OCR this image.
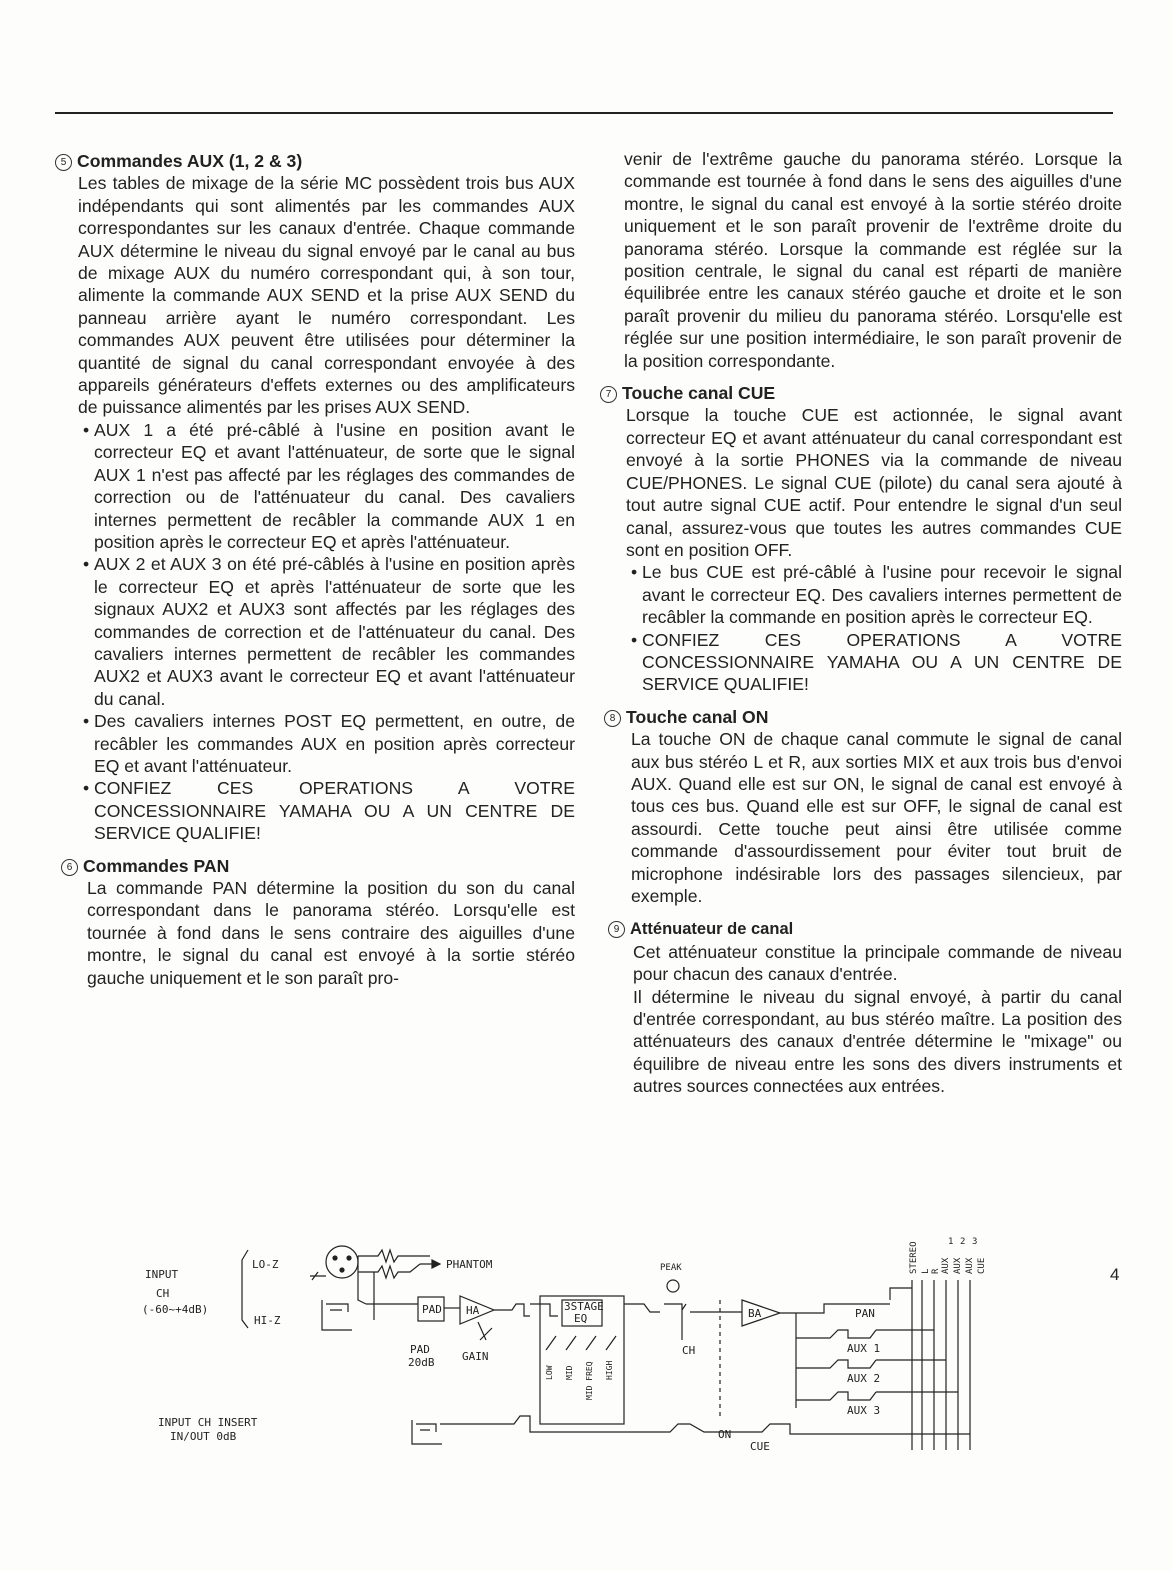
5 Commandes AUX (1, 2 & 3)

Les tables de mixage de la série MC possèdent trois bus AUX indépendants qui sont alimentés par les commandes AUX correspondantes sur les canaux d'entrée. Chaque commande AUX détermine le niveau du signal envoyé par le canal au bus de mixage AUX du numéro correspondant qui, à son tour, alimente la commande AUX SEND et la prise AUX SEND du panneau arrière ayant le numéro correspondant. Les commandes AUX peuvent être utilisées pour déterminer la quantité de signal du canal correspondant envoyée à des appareils générateurs d'effets externes ou des amplificateurs de puissance alimentés par les prises AUX SEND.

• AUX 1 a été pré-câblé à l'usine en position avant le correcteur EQ et avant l'atténuateur, de sorte que le signal AUX 1 n'est pas affecté par les réglages des commandes de correction ou de l'atténuateur du canal. Des cavaliers internes permettent de recâbler la commande AUX 1 en position après le correcteur EQ et après l'atténuateur.

• AUX 2 et AUX 3 on été pré-câblés à l'usine en position après le correcteur EQ et après l'atténuateur de sorte que les signaux AUX2 et AUX3 sont affectés par les réglages des commandes de correction et de l'atténuateur du canal. Des cavaliers internes permettent de recâbler les commandes AUX2 et AUX3 avant le correcteur EQ et avant l'atténuateur du canal.

• Des cavaliers internes POST EQ permettent, en outre, de recâbler les commandes AUX en position après correcteur EQ et avant l'atténuateur.

• CONFIEZ CES OPERATIONS A VOTRE CONCESSIONNAIRE YAMAHA OU A UN CENTRE DE SERVICE QUALIFIE!

6 Commandes PAN

La commande PAN détermine la position du son du canal correspondant dans le panorama stéréo. Lorsqu'elle est tournée à fond dans le sens contraire des aiguilles d'une montre, le signal du canal est envoyé à la sortie stéréo gauche uniquement et le son paraît pro-

venir de l'extrême gauche du panorama stéréo. Lorsque la commande est tournée à fond dans le sens des aiguilles d'une montre, le signal du canal est envoyé à la sortie stéréo droite uniquement et le son paraît provenir de l'extrême droite du panorama stéréo. Lorsque la commande est réglée sur la position centrale, le signal du canal est réparti de manière équilibrée entre les canaux stéréo gauche et droite et le son paraît provenir du milieu du panorama stéréo. Lorsqu'elle est réglée sur une position intermédiaire, le son paraît provenir de la position correspondante.

7 Touche canal CUE

Lorsque la touche CUE est actionnée, le signal avant correcteur EQ et avant atténuateur du canal correspondant est envoyé à la sortie PHONES via la commande de niveau CUE/PHONES. Le signal CUE (pilote) du canal sera ajouté à tout autre signal CUE actif. Pour entendre le signal d'un seul canal, assurez-vous que toutes les autres commandes CUE sont en position OFF.

• Le bus CUE est pré-câblé à l'usine pour recevoir le signal avant le correcteur EQ. Des cavaliers internes permettent de recâbler la commande en position après le correcteur EQ.

• CONFIEZ CES OPERATIONS A VOTRE CONCESSIONNAIRE YAMAHA OU A UN CENTRE DE SERVICE QUALIFIE!

8 Touche canal ON

La touche ON de chaque canal commute le signal de canal aux bus stéréo L et R, aux sorties MIX et aux trois bus d'envoi AUX. Quand elle est sur ON, le signal de canal est envoyé à tous ces bus. Quand elle est sur OFF, le signal de canal est assourdi. Cette touche peut ainsi être utilisée comme commande d'assourdissement pour éviter tout bruit de microphone indésirable lors des passages silencieux, par exemple.

9 Atténuateur de canal

Cet atténuateur constitue la principale commande de niveau pour chacun des canaux d'entrée.

Il détermine le niveau du signal envoyé, à partir du canal d'entrée correspondant, au bus stéréo maître. La position des atténuateurs des canaux d'entrée détermine le "mixage" ou équilibre de niveau entre les sons des divers instruments et autres sources connectées aux entrées.

INPUT
CH
(-60~+4dB)
LO-Z
HI-Z
PHANTOM
PAD HA
PAD
20dB	GAIN
3STAGE
EQ
LOW MID MID FREQ HIGH
PEAK
CH
BA	PAN
AUX 1
AUX 2
AUX 3
STEREO L R AUX AUX AUX CUE
1 2 3
ON
CUE
INPUT CH INSERT
IN/OUT 0dB
4
